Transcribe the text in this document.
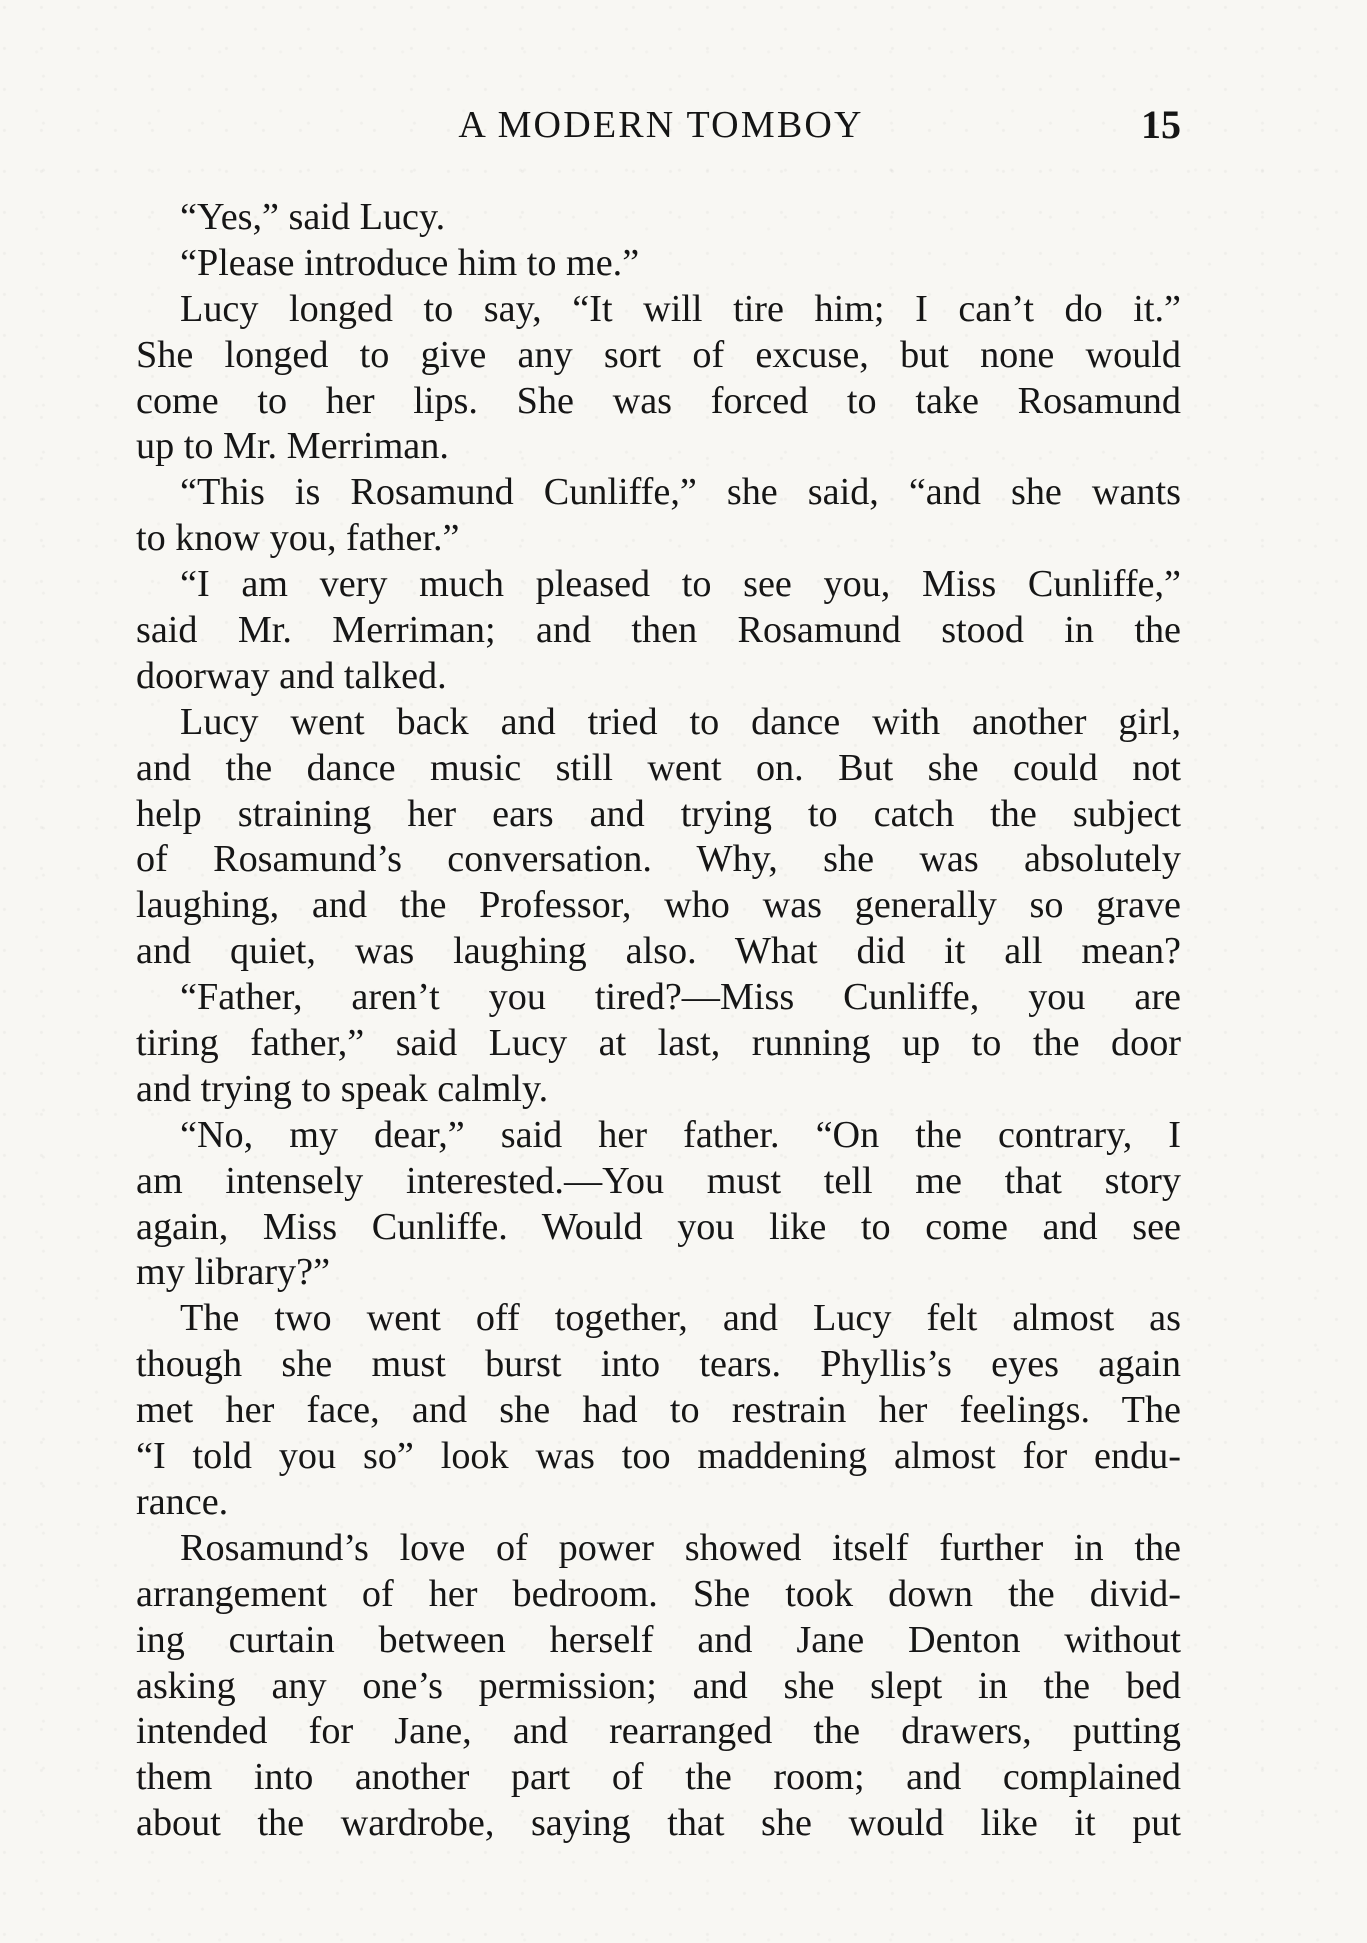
A MODERN TOMBOY	15
“Yes,” said Lucy.
“Please introduce him to me.”
Lucy longed to say, “It will tire him; I can’t do it.”
She longed to give any sort of excuse, but none would
come to her lips. She was forced to take Rosamund
up to Mr. Merriman.
“This is Rosamund Cunliffe,” she said, “and she wants
to know you, father.”
“I am very much pleased to see you, Miss Cunliffe,”
said Mr. Merriman; and then Rosamund stood in the
doorway and talked.
Lucy went back and tried to dance with another girl,
and the dance music still went on. But she could not
help straining her ears and trying to catch the subject
of Rosamund’s conversation. Why, she was absolutely
laughing, and the Professor, who was generally so grave
and quiet, was laughing also. What did it all mean?
“Father, aren’t you tired?—Miss Cunliffe, you are
tiring father,” said Lucy at last, running up to the door
and trying to speak calmly.
“No, my dear,” said her father. “On the contrary, I
am intensely interested.—You must tell me that story
again, Miss Cunliffe. Would you like to come and see
my library?”
The two went off together, and Lucy felt almost as
though she must burst into tears. Phyllis’s eyes again
met her face, and she had to restrain her feelings. The
“I told you so” look was too maddening almost for endu-
rance.
Rosamund’s love of power showed itself further in the
arrangement of her bedroom. She took down the divid-
ing curtain between herself and Jane Denton without
asking any one’s permission; and she slept in the bed
intended for Jane, and rearranged the drawers, putting
them into another part of the room; and complained
about the wardrobe, saying that she would like it put
